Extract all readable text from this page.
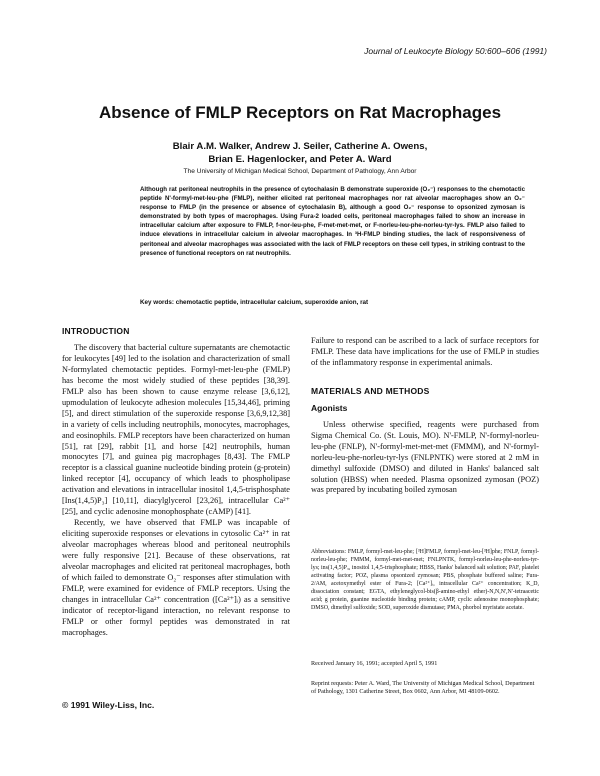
Journal of Leukocyte Biology 50:600–606 (1991)
Absence of FMLP Receptors on Rat Macrophages
Blair A.M. Walker, Andrew J. Seiler, Catherine A. Owens,
Brian E. Hagenlocker, and Peter A. Ward
The University of Michigan Medical School, Department of Pathology, Ann Arbor
Although rat peritoneal neutrophils in the presence of cytochalasin B demonstrate superoxide (O₂⁻) responses to the chemotactic peptide N'-formyl-met-leu-phe (FMLP), neither elicited rat peritoneal macrophages nor rat alveolar macrophages show an O₂⁻ response to FMLP (in the presence or absence of cytochalasin B), although a good O₂⁻ response to opsonized zymosan is demonstrated by both types of macrophages. Using Fura-2 loaded cells, peritoneal macrophages failed to show an increase in intracellular calcium after exposure to FMLP, f-nor-leu-phe, F-met-met-met, or F-norleu-leu-phe-norleu-tyr-lys. FMLP also failed to induce elevations in intracellular calcium in alveolar macrophages. In ³H-FMLP binding studies, the lack of responsiveness of peritoneal and alveolar macrophages was associated with the lack of FMLP receptors on these cell types, in striking contrast to the presence of functional receptors on rat neutrophils.
Key words: chemotactic peptide, intracellular calcium, superoxide anion, rat
INTRODUCTION

The discovery that bacterial culture supernatants are chemotactic for leukocytes [49] led to the isolation and characterization of small N-formylated chemotactic peptides. Formyl-met-leu-phe (FMLP) has become the most widely studied of these peptides [38,39]. FMLP also has been shown to cause enzyme release [3,6,12], upmodulation of leukocyte adhesion molecules [15,34,46], priming [5], and direct stimulation of the superoxide response [3,6,9,12,38] in a variety of cells including neutrophils, monocytes, macrophages, and eosinophils. FMLP receptors have been characterized on human [51], rat [29], rabbit [1], and horse [42] neutrophils, human monocytes [7], and guinea pig macrophages [8,43]. The FMLP receptor is a classical guanine nucleotide binding protein (g-protein) linked receptor [4], occupancy of which leads to phospholipase activation and elevations in intracellular inositol 1,4,5-trisphosphate [Ins(1,4,5)P₃] [10,11], diacylglycerol [23,26], intracellular Ca²⁺ [25], and cyclic adenosine monophosphate (cAMP) [41].

Recently, we have observed that FMLP was incapable of eliciting superoxide responses or elevations in cytosolic Ca²⁺ in rat alveolar macrophages whereas blood and peritoneal neutrophils were fully responsive [21]. Because of these observations, rat alveolar macrophages and elicited rat peritoneal macrophages, both of which failed to demonstrate O₂⁻ responses after stimulation with FMLP, were examined for evidence of FMLP receptors. Using the changes in intracellular Ca²⁺ concentration ([Ca²⁺]ᵢ) as a sensitive indicator of receptor-ligand interaction, no relevant response to FMLP or other formyl peptides was demonstrated in rat macrophages.

Failure to respond can be ascribed to a lack of surface receptors for FMLP. These data have implications for the use of FMLP in studies of the inflammatory response in experimental animals.

MATERIALS AND METHODS
Agonists

Unless otherwise specified, reagents were purchased from Sigma Chemical Co. (St. Louis, MO). N'-FMLP, N'-formyl-norleu-leu-phe (FNLP), N'-formyl-met-met-met (FMMM), and N'-formyl-norleu-leu-phe-norleu-tyr-lys (FNLPNTK) were stored at 2 mM in dimethyl sulfoxide (DMSO) and diluted in Hanks' balanced salt solution (HBSS) when needed. Plasma opsonized zymosan (POZ) was prepared by incubating boiled zymosan

Abbreviations: FMLP, formyl-met-leu-phe; [³H]FMLP, formyl-met-leu-[³H]phe; FNLP, formyl-norleu-leu-phe; FMMM, formyl-met-met-met; FNLPNTK, formyl-norleu-leu-phe-norleu-tyr-lys; ins(1,4,5)P₃, inositol 1,4,5-trisphosphate; HBSS, Hanks' balanced salt solution; PAF, platelet activating factor; POZ, plasma opsonized zymosan; PBS, phosphate buffered saline; Fura-2/AM, acetoxymethyl ester of Fura-2; [Ca²⁺]ᵢ, intracellular Ca²⁺ concentration; K_D, dissociation constant; EGTA, ethyleneglycol-bis(β-amino-ethyl ether)-N,N,N',N'-tetraacetic acid; g protein, guanine nucleotide binding protein; cAMP, cyclic adenosine monophosphate; DMSO, dimethyl sulfoxide; SOD, superoxide dismutase; PMA, phorbol myristate acetate.
Received January 16, 1991; accepted April 5, 1991
Reprint requests: Peter A. Ward, The University of Michigan Medical School, Department of Pathology, 1301 Catherine Street, Box 0602, Ann Arbor, MI 48109-0602.
© 1991 Wiley-Liss, Inc.
